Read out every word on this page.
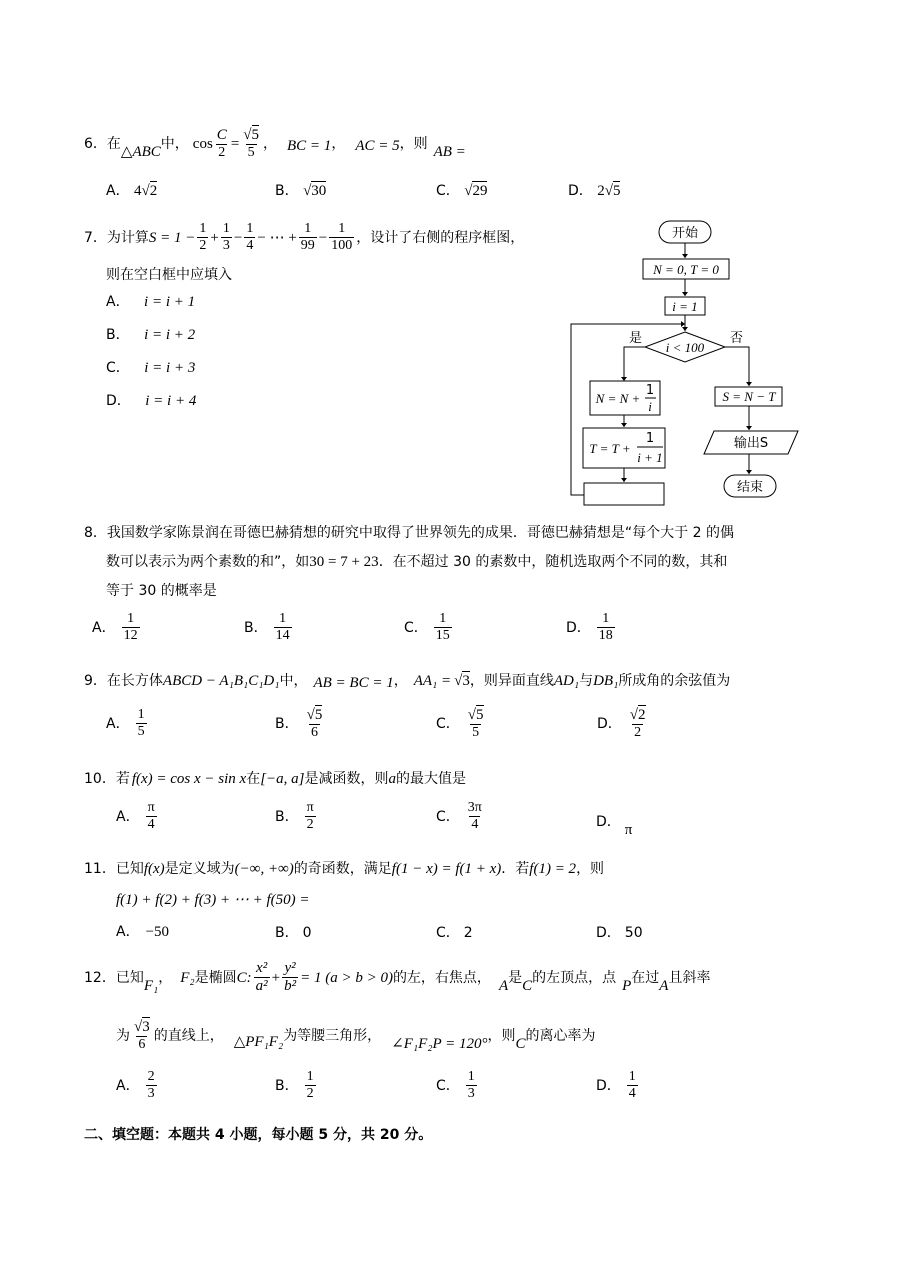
6． 在 △ABC 中， $\cos \frac{C}{2} = \frac{√5}{5}$ ， BC = 1 ， AC = 5 ，则 AB =
A． 4√2	B． √30	C． √29	D． 2√5
7． 为计算 $S = 1 - \frac{1}{2} + \frac{1}{3} - \frac{1}{4}$ − ⋯ + $\frac{1}{99} - \frac{1}{100}$ ，设计了右侧的程序框图，
则在空白框中应填入
A． i = i + 1
B． i = i + 2
C． i = i + 3
D． i = i + 4
开始
N = 0, T = 0
i = 1
i < 100
是	否
N = N +
1
i
T = T +
1
i + 1
S = N − T
输出S
结束
8．我国数学家陈景润在哥德巴赫猜想的研究中取得了世界领先的成果．哥德巴赫猜想是“每个大于 2 的偶
数可以表示为两个素数的和”，如30 = 7 + 23．在不超过 30 的素数中，随机选取两个不同的数，其和
等于 30 的概率是
A． $\frac{1}{12}$	B． $\frac{1}{14}$	C． $\frac{1}{15}$	D． $\frac{1}{18}$
9． 在长方体 ABCD − A₁B₁C₁D₁ 中， AB = BC = 1 ， AA₁ = √3 ，则异面直线 AD₁ 与 DB₁ 所成角的余弦值为
A． $\frac{1}{5}$	B． $\frac{√5}{6}$	C． $\frac{√5}{5}$	D． $\frac{√2}{2}$
10． 若 f(x) = cos x − sin x 在 [−a, a] 是减函数，则 a 的最大值是
A． $\frac{\pi}{4}$	B． $\frac{\pi}{2}$	C． $\frac{3\pi}{4}$	D． π
11． 已知 f(x) 是定义域为 (−∞, +∞) 的奇函数，满足 f(1 − x) = f(1 + x) ．若 f(1) = 2 ，则
f(1) + f(2) + f(3) + ⋯ + f(50) =
A． −50	B． 0	C． 2	D． 50
12． 已知 F₁ ， F₂ 是椭圆 C: $\frac{\text{x²}}{\text{a²}} + \frac{\text{y²}}{\text{b²}} = 1$ (a > b > 0) 的左，右焦点， A 是 C 的左顶点，点 P 在过 A 且斜率
为 $\frac{√3}{6}$ 的直线上， △PF₁F₂ 为等腰三角形， ∠F₁F₂P = 120° ，则 C 的离心率为
A． $\frac{2}{3}$	B． $\frac{1}{2}$	C． $\frac{1}{3}$	D． $\frac{1}{4}$
二、填空题：本题共 4 小题，每小题 5 分，共 20 分。
